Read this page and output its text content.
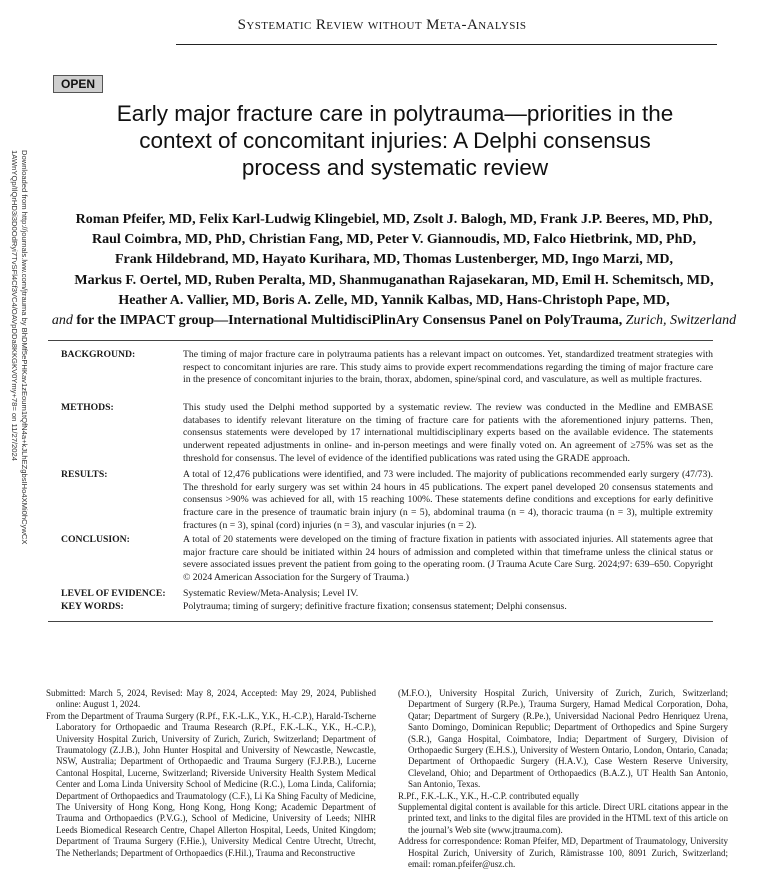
Systematic Review without Meta-Analysis
OPEN
Downloaded from http://journals.lww.com/jtrauma by BhDMf5ePHKav1zEoum1tQfN4a+kJLhEZgbsIHo4XMi0hCywCX
1AWnYQp/IlQrHD3i3D0OdRyi7TvSFl4Cf3VC4/OAVpDDa8KKGKV0Ymy+78= on 11/27/2024
Early major fracture care in polytrauma—priorities in the
context of concomitant injuries: A Delphi consensus
process and systematic review
Roman Pfeifer, MD, Felix Karl-Ludwig Klingebiel, MD, Zsolt J. Balogh, MD, Frank J.P. Beeres, MD, PhD,
Raul Coimbra, MD, PhD, Christian Fang, MD, Peter V. Giannoudis, MD, Falco Hietbrink, MD, PhD,
Frank Hildebrand, MD, Hayato Kurihara, MD, Thomas Lustenberger, MD, Ingo Marzi, MD,
Markus F. Oertel, MD, Ruben Peralta, MD, Shanmuganathan Rajasekaran, MD, Emil H. Schemitsch, MD,
Heather A. Vallier, MD, Boris A. Zelle, MD, Yannik Kalbas, MD, Hans-Christoph Pape, MD,
and for the IMPACT group—International MultidisciPlinAry Consensus Panel on PolyTrauma, Zurich, Switzerland
BACKGROUND:	The timing of major fracture care in polytrauma patients has a relevant impact on outcomes. Yet, standardized treatment strategies with respect to concomitant injuries are rare. This study aims to provide expert recommendations regarding the timing of major fracture care in the presence of concomitant injuries to the brain, thorax, abdomen, spine/spinal cord, and vasculature, as well as multiple fractures.
METHODS:	This study used the Delphi method supported by a systematic review. The review was conducted in the Medline and EMBASE databases to identify relevant literature on the timing of fracture care for patients with the aforementioned injury patterns. Then, consensus statements were developed by 17 international multidisciplinary experts based on the available evidence. The statements underwent repeated adjustments in online- and in-person meetings and were finally voted on. An agreement of ≥75% was set as the threshold for consensus. The level of evidence of the identified publications was rated using the GRADE approach.
RESULTS:	A total of 12,476 publications were identified, and 73 were included. The majority of publications recommended early surgery (47/73). The threshold for early surgery was set within 24 hours in 45 publications. The expert panel developed 20 consensus statements and consensus >90% was achieved for all, with 15 reaching 100%. These statements define conditions and exceptions for early definitive fracture care in the presence of traumatic brain injury (n = 5), abdominal trauma (n = 4), thoracic trauma (n = 3), multiple extremity fractures (n = 3), spinal (cord) injuries (n = 3), and vascular injuries (n = 2).
CONCLUSION:	A total of 20 statements were developed on the timing of fracture fixation in patients with associated injuries. All statements agree that major fracture care should be initiated within 24 hours of admission and completed within that timeframe unless the clinical status or severe associated issues prevent the patient from going to the operating room. (J Trauma Acute Care Surg. 2024;97: 639–650. Copyright © 2024 American Association for the Surgery of Trauma.)
LEVEL OF EVIDENCE:	Systematic Review/Meta-Analysis; Level IV.
KEY WORDS:	Polytrauma; timing of surgery; definitive fracture fixation; consensus statement; Delphi consensus.
Submitted: March 5, 2024, Revised: May 8, 2024, Accepted: May 29, 2024, Published online: August 1, 2024.
From the Department of Trauma Surgery (R.Pf., F.K.-L.K., Y.K., H.-C.P.), Harald-Tscherne Laboratory for Orthopaedic and Trauma Research (R.Pf., F.K.-L.K., Y.K., H.-C.P.), University Hospital Zurich, University of Zurich, Zurich, Switzerland; Department of Traumatology (Z.J.B.), John Hunter Hospital and University of Newcastle, Newcastle, NSW, Australia; Department of Orthopaedic and Trauma Surgery (F.J.P.B.), Lucerne Cantonal Hospital, Lucerne, Switzerland; Riverside University Health System Medical Center and Loma Linda University School of Medicine (R.C.), Loma Linda, California; Department of Orthopaedics and Traumatology (C.F.), Li Ka Shing Faculty of Medicine, The University of Hong Kong, Hong Kong, Hong Kong; Academic Department of Trauma and Orthopaedics (P.V.G.), School of Medicine, University of Leeds; NIHR Leeds Biomedical Research Centre, Chapel Allerton Hospital, Leeds, United Kingdom; Department of Trauma Surgery (F.Hie.), University Medical Centre Utrecht, Utrecht, The Netherlands; Department of Orthopaedics (F.Hil.), Trauma and Reconstructive
(M.F.O.), University Hospital Zurich, University of Zurich, Zurich, Switzerland; Department of Surgery (R.Pe.), Trauma Surgery, Hamad Medical Corporation, Doha, Qatar; Department of Surgery (R.Pe.), Universidad Nacional Pedro Henriquez Urena, Santo Domingo, Dominican Republic; Department of Orthopedics and Spine Surgery (S.R.), Ganga Hospital, Coimbatore, India; Department of Surgery, Division of Orthopaedic Surgery (E.H.S.), University of Western Ontario, London, Ontario, Canada; Department of Orthopaedic Surgery (H.A.V.), Case Western Reserve University, Cleveland, Ohio; and Department of Orthopaedics (B.A.Z.), UT Health San Antonio, San Antonio, Texas.
R.Pf., F.K.-L.K., Y.K., H.-C.P. contributed equally
Supplemental digital content is available for this article. Direct URL citations appear in the printed text, and links to the digital files are provided in the HTML text of this article on the journal’s Web site (www.jtrauma.com).
Address for correspondence: Roman Pfeifer, MD, Department of Traumatology, University Hospital Zurich, University of Zurich, Rämistrasse 100, 8091 Zurich, Switzerland; email: roman.pfeifer@usz.ch.
